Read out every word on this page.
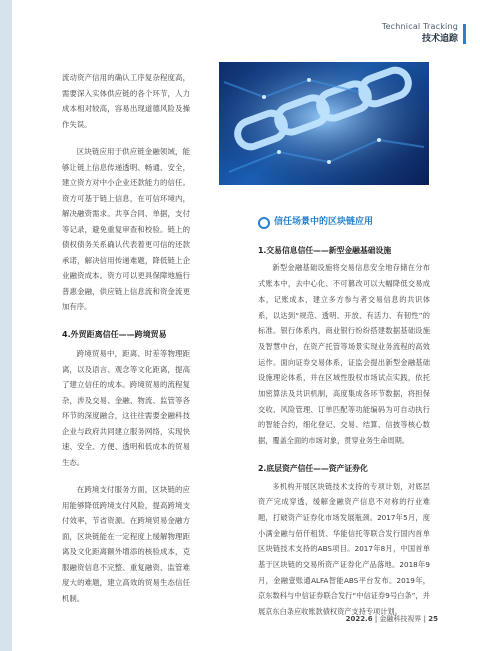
Technical Tracking
技术追踪

流动资产信用的确认工序复杂程度高，需要深入实体供应链的各个环节，人力成本相对较高，容易出现道德风险及操作失误。

区块链应用于供应链金融领域，能够让链上信息传递透明、畅通、安全，建立资方对中小企业还款能力的信任。资方可基于链上信息，在可信环境内，解决融资需求。共享合同、单据，支付等记录，避免重复审查和校验。链上的债权债务关系确认代表着更可信的还款承诺，解决信用传递难题，降低链上企业融资成本。资方可以更具保障地施行普惠金融，供应链上信息流和资金流更加有序。

4.外贸距离信任——跨境贸易

跨境贸易中，距离、时差等物理距离，以及语言、观念等文化距离，提高了建立信任的成本。跨境贸易的流程复杂，涉及交易、金融、物流、监管等各环节的深度融合，这往往需要金融科技企业与政府共同建立服务网络，实现快速、安全、方便、透明和低成本的贸易生态。

在跨境支付服务方面，区块链的应用能够降低跨境支付风险，提高跨境支付效率，节省资源。在跨境贸易金融方面，区块链能在一定程度上缓解物理距离及文化距离额外增添的核验成本，克服融资信息不完整、重复融资、监管难度大的难题，建立高效的贸易生态信任机制。

信任场景中的区块链应用
1.交易信息信任——新型金融基础设施

新型金融基础设施将交易信息安全地存储在分布式账本中，去中心化、不可篡改可以大幅降低交易成本，记账成本，建立多方参与者交易信息的共识体系，以达到“规范、透明、开放、有活力、有韧性”的标准。银行体系内，商业银行纷纷搭建数据基础设施及智慧中台，在资产托管等场景实现业务流程的高效运作。面向证券交易体系，证监会提出新型金融基础设施理论体系，并在区域性股权市场试点实践，依托加密算法及共识机制，高度集成各环节数据，将担保交收、风险管理、订单匹配等功能编码为可自动执行的智能合约，细化登记、交易、结算、信披等核心数据，覆盖全面的市场对象，贯穿业务生命周期。

2.底层资产信任——资产证券化

多机构开展区块链技术支持的专项计划，对底层资产完成穿透，缓解金融资产信息不对称的行业难题，打破资产证券化市场发展瓶颈。2017年5月，度小满金融与佰仟租赁、华能信托等联合发行国内首单区块链技术支持的ABS项目。2017年8月，中国首单基于区块链的交易所资产证券化产品落地。2018年9月，金融壹账通ALFA智能ABS平台发布。2019年，京东数科与中信证券联合发行“中信证券9号白条”，并展京东白条应收账款债权资产支持专项计划。

2022.6 | 金融科技视界 | 25
